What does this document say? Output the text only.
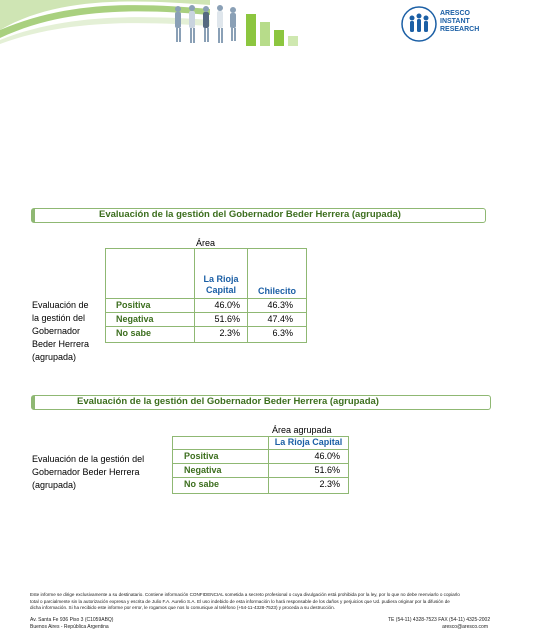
ARESCO
INSTANT
RESEARCH
Evaluación de la gestión del Gobernador Beder Herrera (agrupada)
Área
La Rioja
Capital	Chilecito
Evaluación de
la gestión del
Gobernador
Beder Herrera
(agrupada)
Positiva	46.0%	46.3%
Negativa	51.6%	47.4%
No sabe	2.3%	6.3%
Evaluación de la gestión del Gobernador Beder Herrera (agrupada)
Área agrupada
La Rioja Capital
Evaluación de la gestión del
Gobernador Beder Herrera
(agrupada)
Positiva	46.0%
Negativa	51.6%
No sabe	2.3%
Este informe se dirige exclusivamente a su destinatario. Contiene información CONFIDENCIAL sometida a secreto profesional o cuya divulgación está prohibida por la ley, por lo que no debe reenviarlo o copiarlo
total o parcialmente sin la autorización expresa y escrita de Julio F.A. Aurelio S.A. El uso indebido de esta información lo hará responsable de los daños y perjuicios que Ud. pudiera originar por la difusión de
dicha información. Si ha recibido este informe por error, le rogamos que nos lo comunique al teléfono (+54-11-4328-7523) y proceda a su destrucción.
Av. Santa Fe 936 Piso 3 (C1059ABQ)
Buenos Aires - República Argentina
TE (54-11) 4328-7523 FAX (54-11) 4325-2002
aresco@aresco.com
